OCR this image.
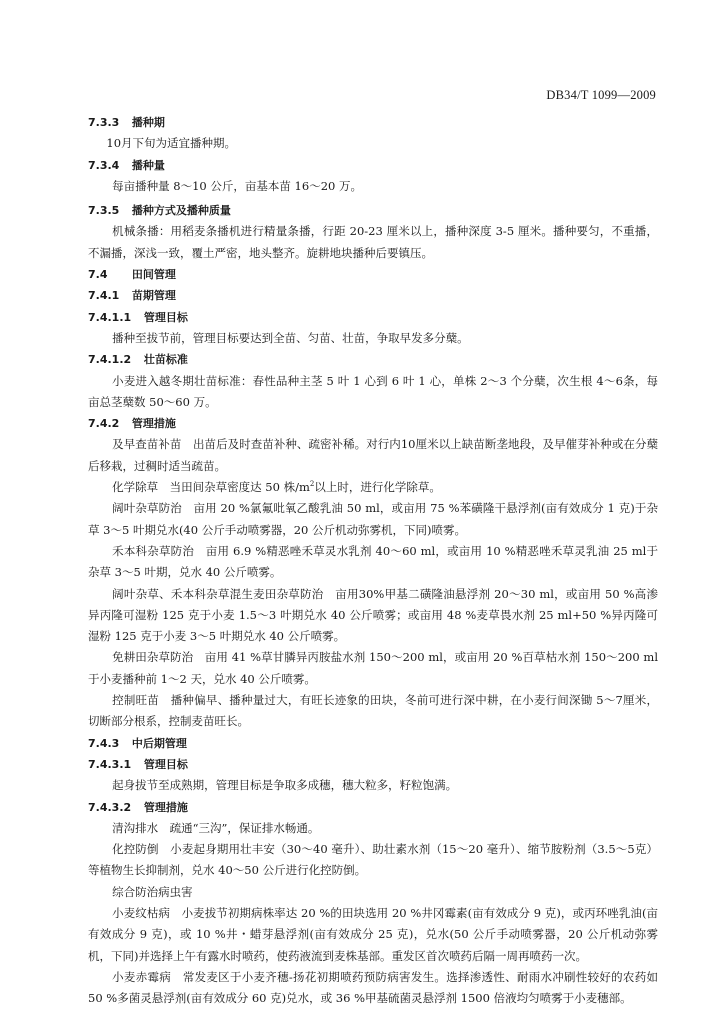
DB34/T 1099—2009

7.3.3 播种期

10月下旬为适宜播种期。

7.3.4 播种量

每亩播种量 8～10 公斤，亩基本苗 16～20 万。

7.3.5 播种方式及播种质量

机械条播：用稻麦条播机进行精量条播，行距 20-23 厘米以上，播种深度 3-5 厘米。播种要匀，不重播，不漏播，深浅一致，覆土严密，地头整齐。旋耕地块播种后要镇压。

7.4 田间管理

7.4.1 苗期管理

7.4.1.1 管理目标

播种至拔节前，管理目标要达到全苗、匀苗、壮苗，争取早发多分蘖。

7.4.1.2 壮苗标准

小麦进入越冬期壮苗标准：春性品种主茎 5 叶 1 心到 6 叶 1 心，单株 2～3 个分蘖，次生根 4～6条，每亩总茎蘖数 50～60 万。

7.4.2 管理措施

及早查苗补苗　出苗后及时查苗补种、疏密补稀。对行内10厘米以上缺苗断垄地段，及早催芽补种或在分蘖后移栽，过稠时适当疏苗。

化学除草　当田间杂草密度达 50 株$/m^2$以上时，进行化学除草。

阔叶杂草防治　亩用 20 %氯氟吡氧乙酸乳油 50 ml，或亩用 75 %苯磺隆干悬浮剂(亩有效成分 1 克)于杂草 3～5 叶期兑水(40 公斤手动喷雾器，20 公斤机动弥雾机，下同)喷雾。

禾本科杂草防治　亩用 6.9 %精恶唑禾草灵水乳剂 40～60 ml，或亩用 10 %精恶唑禾草灵乳油 25 ml于杂草 3～5 叶期，兑水 40 公斤喷雾。

阔叶杂草、禾本科杂草混生麦田杂草防治　亩用30%甲基二磺隆油悬浮剂 20～30 ml，或亩用 50 %高渗异丙隆可湿粉 125 克于小麦 1.5～3 叶期兑水 40 公斤喷雾；或亩用 48 %麦草畏水剂 25 ml+50 %异丙隆可湿粉 125 克于小麦 3～5 叶期兑水 40 公斤喷雾。

免耕田杂草防治　亩用 41 %草甘膦异丙胺盐水剂 150～200 ml，或亩用 20 %百草枯水剂 150～200 ml于小麦播种前 1～2 天，兑水 40 公斤喷雾。

控制旺苗　播种偏早、播种量过大，有旺长迹象的田块，冬前可进行深中耕，在小麦行间深锄 5～7厘米，切断部分根系，控制麦苗旺长。

7.4.3 中后期管理

7.4.3.1 管理目标

起身拔节至成熟期，管理目标是争取多成穗，穗大粒多，籽粒饱满。

7.4.3.2 管理措施

清沟排水　疏通“三沟”，保证排水畅通。

化控防倒　小麦起身期用壮丰安（30～40 毫升）、助壮素水剂（15～20 毫升）、缩节胺粉剂（3.5～5克）等植物生长抑制剂，兑水 40～50 公斤进行化控防倒。

综合防治病虫害

小麦纹枯病　小麦拔节初期病株率达 20 %的田块选用 20 %井冈霉素(亩有效成分 9 克)，或丙环唑乳油(亩有效成分 9 克)，或 10 %井・蜡芽悬浮剂(亩有效成分 25 克)，兑水(50 公斤手动喷雾器，20 公斤机动弥雾机，下同)并选择上午有露水时喷药，使药液流到麦株基部。重发区首次喷药后隔一周再喷药一次。

小麦赤霉病　常发麦区于小麦齐穗-扬花初期喷药预防病害发生。选择渗透性、耐雨水冲刷性较好的农药如 50 %多菌灵悬浮剂(亩有效成分 60 克)兑水，或 36 %甲基硫菌灵悬浮剂 1500 倍液均匀喷雾于小麦穗部。
